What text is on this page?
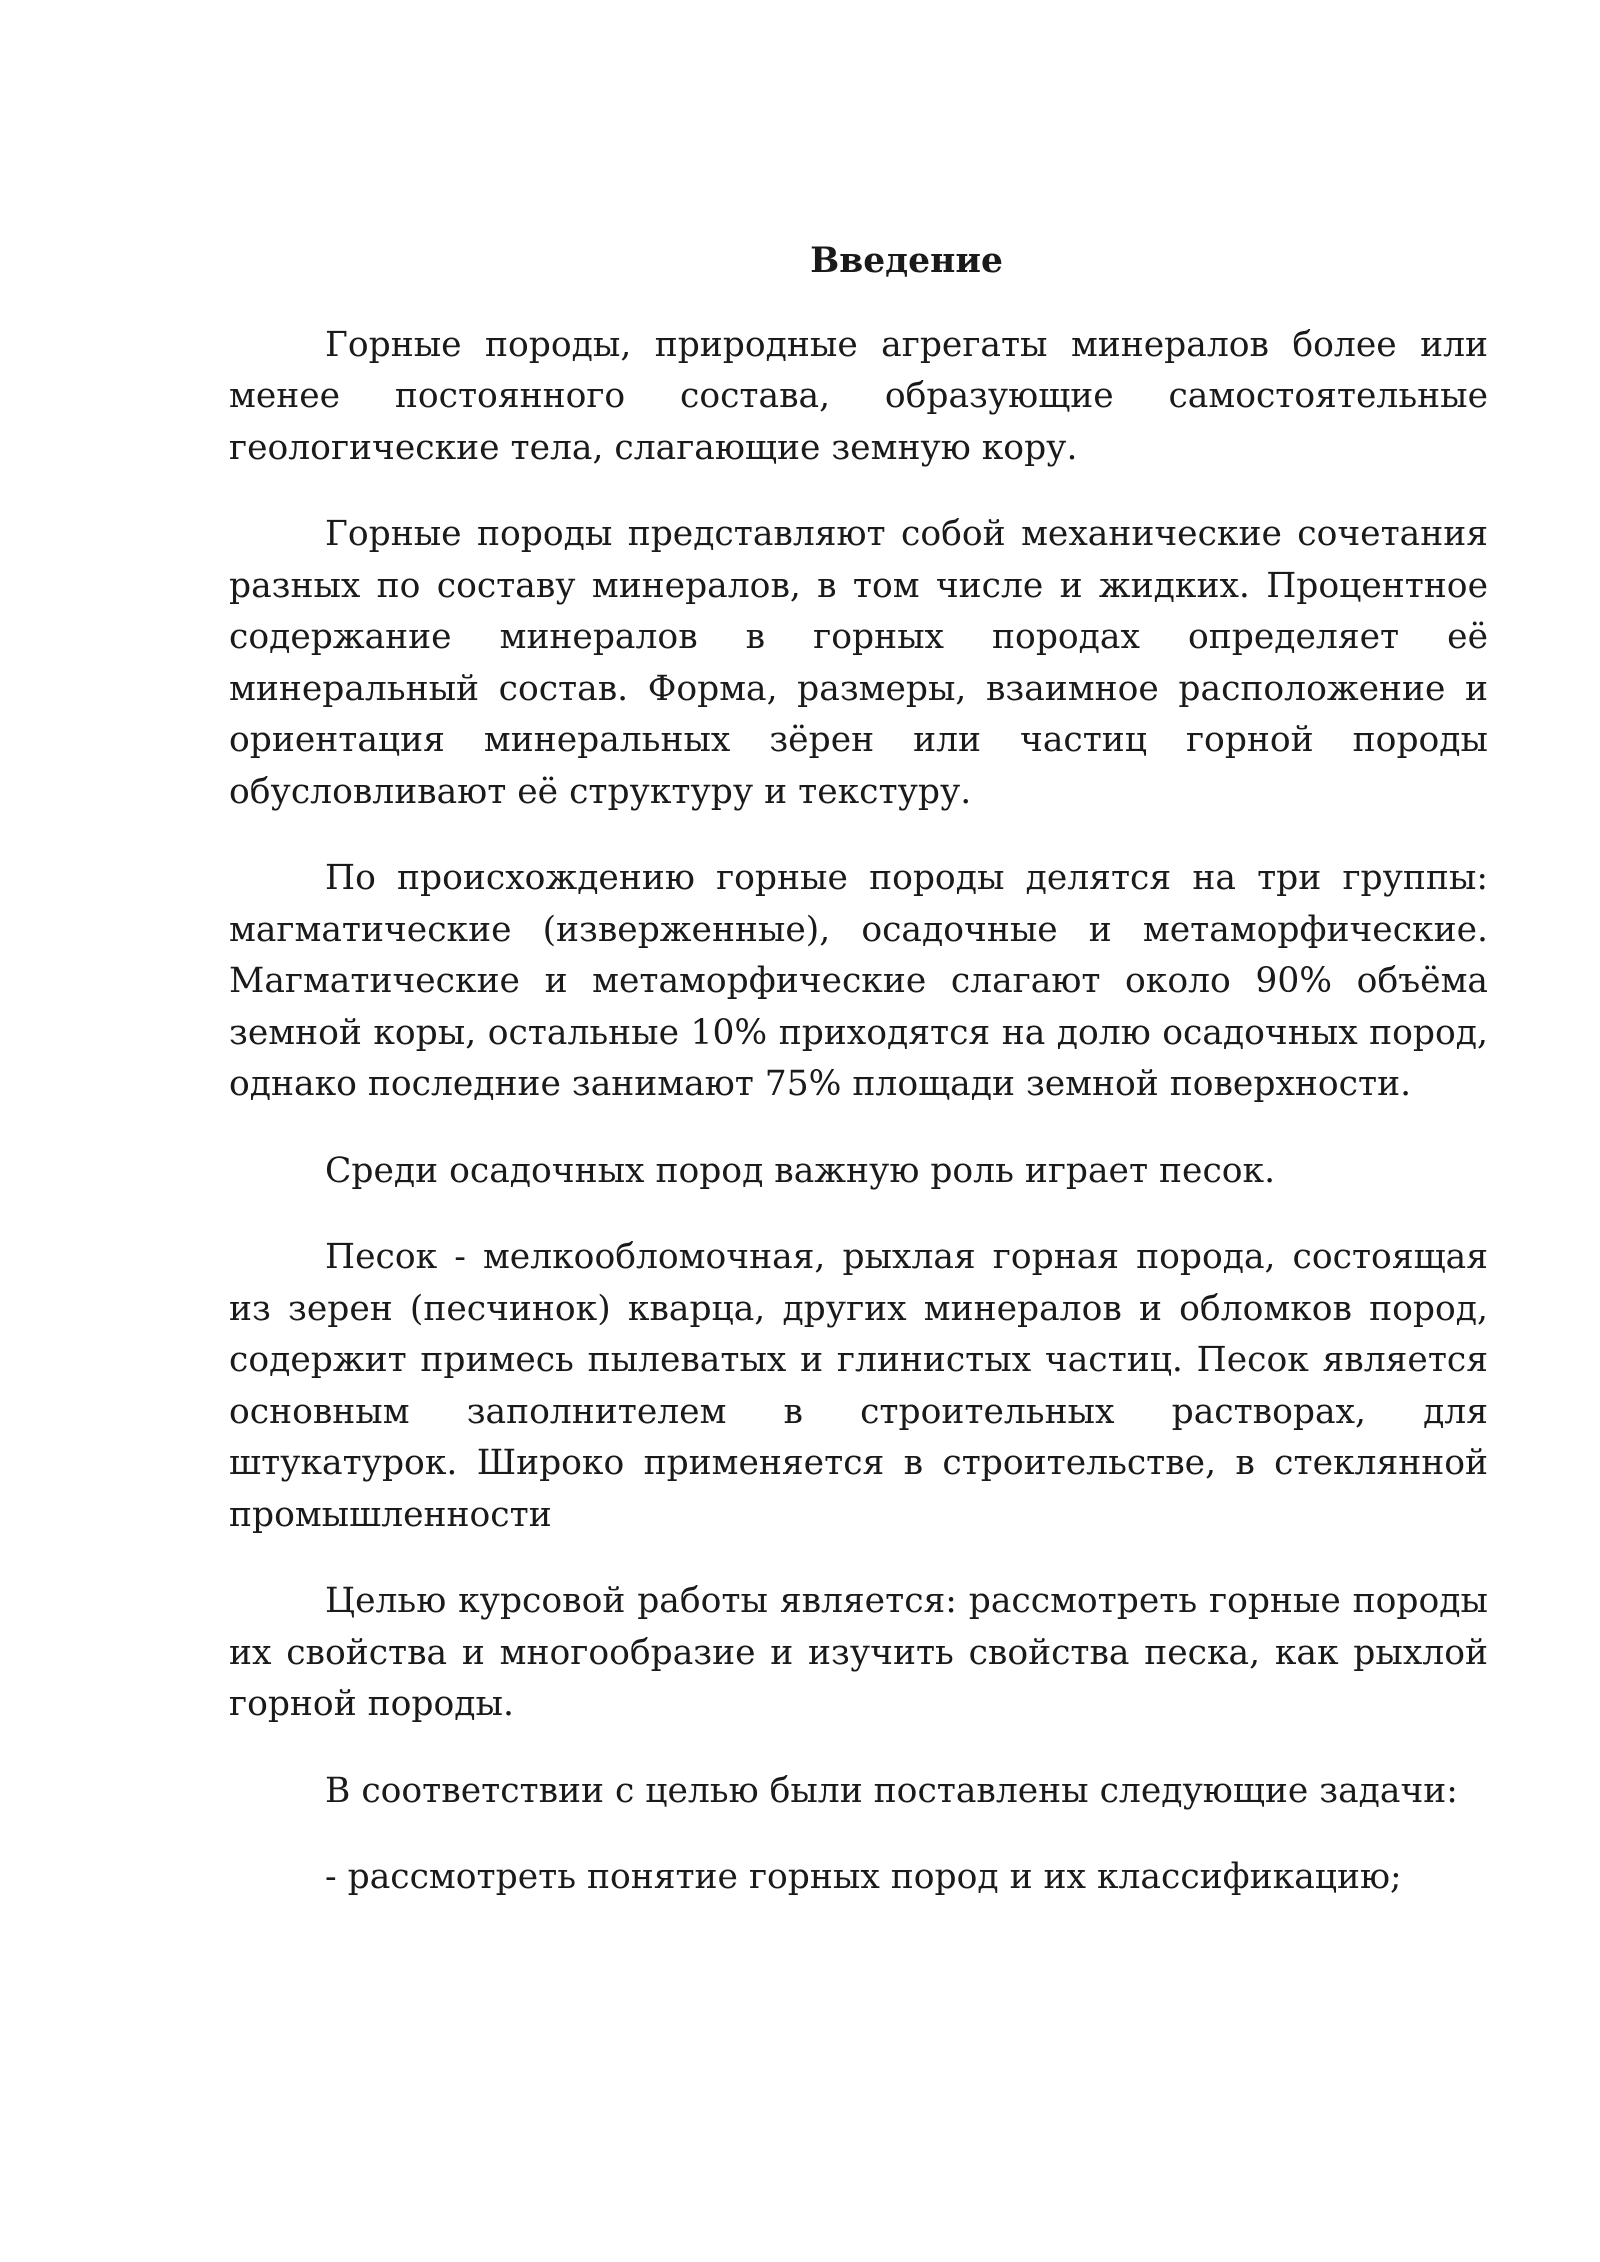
Введение

Горные породы, природные агрегаты минералов более или менее постоянного состава, образующие самостоятельные геологические тела, слагающие земную кору.

Горные породы представляют собой механические сочетания разных по составу минералов, в том числе и жидких. Процентное содержание минералов в горных породах определяет её минеральный состав. Форма, размеры, взаимное расположение и ориентация минеральных зёрен или частиц горной породы обусловливают её структуру и текстуру.

По происхождению горные породы делятся на три группы: магматические (изверженные), осадочные и метаморфические. Магматические и метаморфические слагают около 90% объёма земной коры, остальные 10% приходятся на долю осадочных пород, однако последние занимают 75% площади земной поверхности.

Среди осадочных пород важную роль играет песок.

Песок - мелкообломочная, рыхлая горная порода, состоящая из зерен (песчинок) кварца, других минералов и обломков пород, содержит примесь пылеватых и глинистых частиц. Песок является основным заполнителем в строительных растворах, для штукатурок. Широко применяется в строительстве, в стеклянной промышленности

Целью курсовой работы является: рассмотреть горные породы их свойства и многообразие и изучить свойства песка, как рыхлой горной породы.

В соответствии с целью были поставлены следующие задачи:

- рассмотреть понятие горных пород и их классификацию;
